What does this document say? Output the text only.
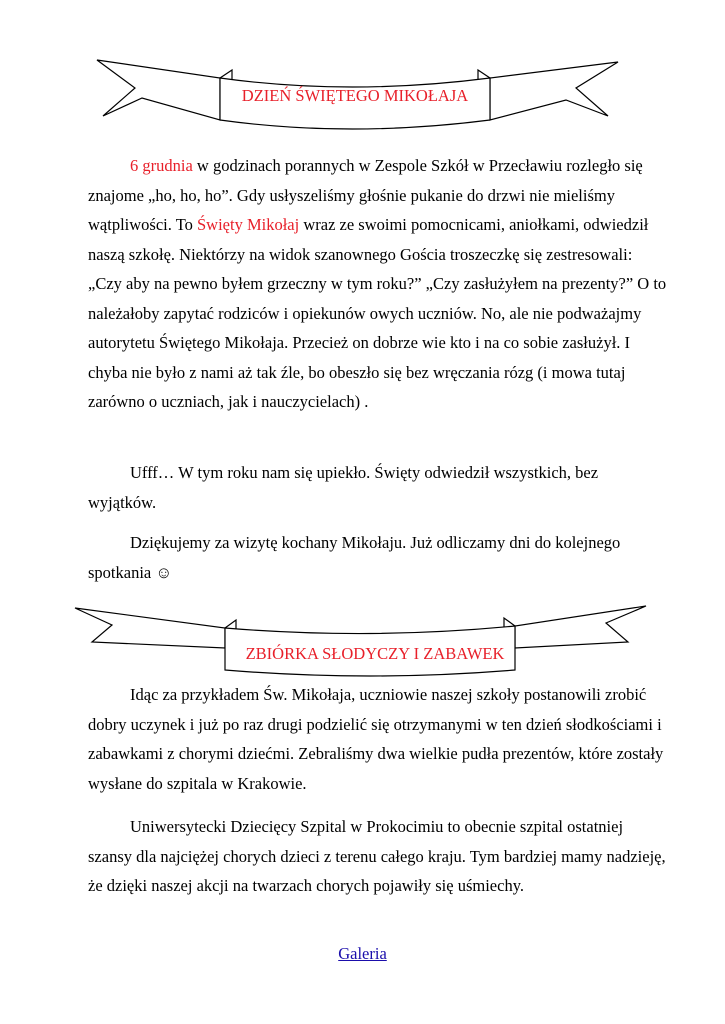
DZIEŃ ŚWIĘTEGO MIKOŁAJA

6 grudnia w godzinach porannych w Zespole Szkół w Przecławiu rozległo się znajome „ho, ho, ho”. Gdy usłyszeliśmy głośnie pukanie do drzwi nie mieliśmy wątpliwości. To Święty Mikołaj wraz ze swoimi pomocnicami, aniołkami, odwiedził naszą szkołę. Niektórzy na widok szanownego Gościa troszeczkę się zestresowali: „Czy aby na pewno byłem grzeczny w tym roku?” „Czy zasłużyłem na prezenty?” O to należałoby zapytać rodziców i opiekunów owych uczniów. No, ale nie podważajmy autorytetu Świętego Mikołaja. Przecież on dobrze wie kto i na co sobie zasłużył. I chyba nie było z nami aż tak źle, bo obeszło się bez wręczania rózg (i mowa tutaj zarówno o uczniach, jak i nauczycielach) .

Ufff… W tym roku nam się upiekło. Święty odwiedził wszystkich, bez wyjątków.

Dziękujemy za wizytę kochany Mikołaju. Już odliczamy dni do kolejnego spotkania ☺

ZBIÓRKA SŁODYCZY I ZABAWEK

Idąc za przykładem Św. Mikołaja, uczniowie naszej szkoły postanowili zrobić dobry uczynek i już po raz drugi podzielić się otrzymanymi w ten dzień słodkościami i zabawkami z chorymi dziećmi. Zebraliśmy dwa wielkie pudła prezentów, które zostały wysłane do szpitala w Krakowie.

Uniwersytecki Dziecięcy Szpital w Prokocimiu to obecnie szpital ostatniej szansy dla najciężej chorych dzieci z terenu całego kraju. Tym bardziej mamy nadzieję, że dzięki naszej akcji na twarzach chorych pojawiły się uśmiechy.

Galeria
